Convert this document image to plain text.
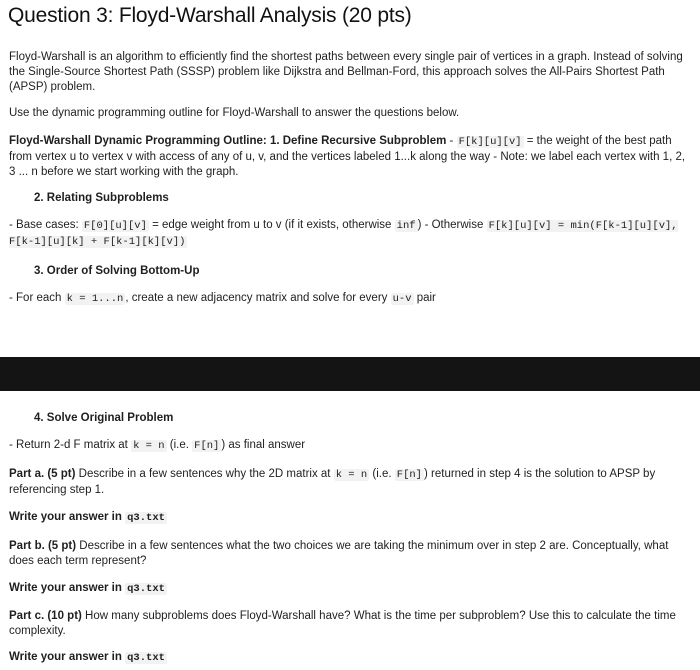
Question 3: Floyd-Warshall Analysis (20 pts)

Floyd-Warshall is an algorithm to efficiently find the shortest paths between every single pair of vertices in a graph. Instead of solving the Single-Source Shortest Path (SSSP) problem like Dijkstra and Bellman-Ford, this approach solves the All-Pairs Shortest Path (APSP) problem.

Use the dynamic programming outline for Floyd-Warshall to answer the questions below.

Floyd-Warshall Dynamic Programming Outline: 1. Define Recursive Subproblem - F[k][u][v] = the weight of the best path from vertex u to vertex v with access of any of u, v, and the vertices labeled 1...k along the way - Note: we label each vertex with 1, 2, 3 ... n before we start working with the graph.

2. Relating Subproblems

- Base cases: F[0][u][v] = edge weight from u to v (if it exists, otherwise inf ) - Otherwise F[k][u][v] = min(F[k-1][u][v], F[k-1][u][k] + F[k-1][k][v])

3. Order of Solving Bottom-Up

- For each k = 1...n , create a new adjacency matrix and solve for every u-v pair

4. Solve Original Problem

- Return 2-d F matrix at k = n (i.e. F[n] ) as final answer

Part a. (5 pt) Describe in a few sentences why the 2D matrix at k = n (i.e. F[n] ) returned in step 4 is the solution to APSP by referencing step 1.

Write your answer in q3.txt

Part b. (5 pt) Describe in a few sentences what the two choices we are taking the minimum over in step 2 are. Conceptually, what does each term represent?

Write your answer in q3.txt

Part c. (10 pt) How many subproblems does Floyd-Warshall have? What is the time per subproblem? Use this to calculate the time complexity.

Write your answer in q3.txt
